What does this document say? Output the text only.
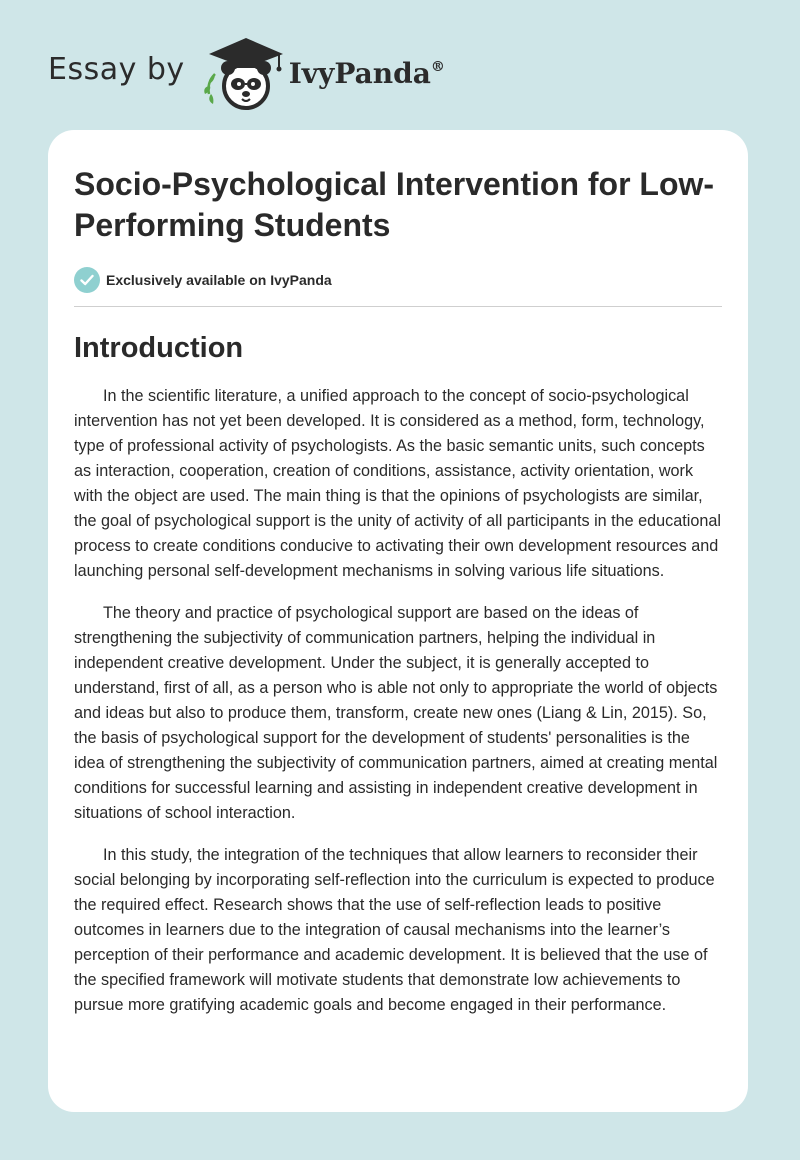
Essay by	IvyPanda®
Socio-Psychological Intervention for Low-Performing Students
Exclusively available on IvyPanda
Introduction

In the scientific literature, a unified approach to the concept of socio-psychological intervention has not yet been developed. It is considered as a method, form, technology, type of professional activity of psychologists. As the basic semantic units, such concepts as interaction, cooperation, creation of conditions, assistance, activity orientation, work with the object are used. The main thing is that the opinions of psychologists are similar, the goal of psychological support is the unity of activity of all participants in the educational process to create conditions conducive to activating their own development resources and launching personal self-development mechanisms in solving various life situations.

The theory and practice of psychological support are based on the ideas of strengthening the subjectivity of communication partners, helping the individual in independent creative development. Under the subject, it is generally accepted to understand, first of all, as a person who is able not only to appropriate the world of objects and ideas but also to produce them, transform, create new ones (Liang & Lin, 2015). So, the basis of psychological support for the development of students' personalities is the idea of strengthening the subjectivity of communication partners, aimed at creating mental conditions for successful learning and assisting in independent creative development in situations of school interaction.

In this study, the integration of the techniques that allow learners to reconsider their social belonging by incorporating self-reflection into the curriculum is expected to produce the required effect. Research shows that the use of self-reflection leads to positive outcomes in learners due to the integration of causal mechanisms into the learner’s perception of their performance and academic development. It is believed that the use of the specified framework will motivate students that demonstrate low achievements to pursue more gratifying academic goals and become engaged in their performance.
